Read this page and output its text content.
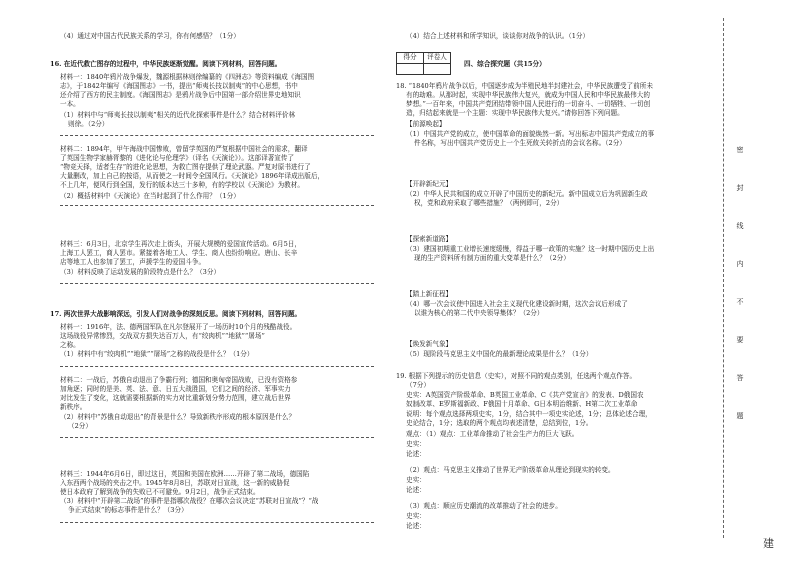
（4）通过对中国古代民族关系的学习，你有何感悟？（1分）
16. 在近代救亡图存的过程中，中华民族逐渐觉醒。阅读下列材料，回答问题。
材料一：1840年鸦片战争爆发，魏源根据林则徐编纂的《四洲志》等资料编成《海国图
志》，于1842年编写《海国图志》一书，提出“师夷长技以制夷”的中心思想，书中
还介绍了西方的民主制度。《海国图志》是鸦片战争后中国第一部介绍世界史地知识
一本。
（1）材料中与“师夷长技以制夷”相关的近代化探索事件是什么？结合材料评价林
则徐。（2分）
材料二：1894年，甲午海战中国惨败，曾留学英国的严复根据中国社会的需求，翻译
了英国生物学家赫胥黎的《进化论与伦理学》（译名《天演论》）。这部译著宣传了
“物竞天择，适者生存”的进化论思想，为救亡图存提供了理论武器。严复对原书进行了
大量删改，加上自己的按语，从而使之一时间令全国风行。《天演论》1896年译成出版后，
不上几年，便风行到全国，发行的版本达三十多种，有的学校以《天演论》为教材。
（2）概括材料中《天演论》在当时起到了什么作用？（1分）
材料三：6月3日，北京学生再次走上街头，开展大规模的爱国宣传活动。6月5日，
上海工人罢工，商人罢市。紧接着各地工人、学生、商人也纷纷响应。唐山、长辛
店等地工人也参加了罢工，声援学生的爱国斗争。
（3）材料反映了运动发展的阶段特点是什么？（3分）
17. 两次世界大战影响深远，引发人们对战争的深刻反思。阅读下列材料，回答问题。
材料一：1916年，法、德两国军队在凡尔登展开了一场历时10个月的残酷战役。
这场战役异常惨烈，交战双方损失达百万人，有“绞肉机”“地狱”“屠场”
之称。
（1）材料中有“绞肉机”“地狱”“屠场”之称的战役是什么？（1分）
材料二：一战后，苏俄自动退出了争霸行列；德国和奥匈帝国战败，已没有资格参
加角逐；同时的是美、英、法、意、日五大战胜国，它们之间的经济、军事实力
对比发生了变化，这就需要根据新的实力对比重新划分势力范围，建立战后世界
新秩序。
（2）材料中“苏俄自动退出”的背景是什么？导致新秩序形成的根本原因是什么？
（2分）
材料三：1944年6月6日，即过这日，英国和美国在欧洲……开辟了第二战场，德国陷
入东西两个战场的夹击之中。1945年8月8日，苏联对日宣战，这一新的威胁促
使日本政府了解到战争的失败已不可避免。9月2日，战争正式结束。
（3）材料中“开辟第二战场”的事件是指哪次战役？在哪次会议决定“苏联对日宣战”？“战
争正式结束”的标志事件是什么？（3分）
（4）结合上述材料和所学知识，谈谈你对战争的认识。（1分）
得分	评卷人

四、综合探究题（共15分）
18. “1840年鸦片战争以后，中国逐步成为半殖民地半封建社会，中华民族遭受了前所未
有的劫难。从那时起，实现中华民族伟大复兴，就成为中国人民和中华民族最伟大的
梦想。”一百年来，中国共产党团结带领中国人民进行的一切奋斗、一切牺牲、一切创
造，归结起来就是一个主题：实现中华民族伟大复兴。”请你回答下列问题。
【前源唤起】
（1）中国共产党的成立，使中国革命的面貌焕然一新。写出标志中国共产党成立的事
件名称，写出中国共产党历史上一个生死攸关转折点的会议名称。（2分）
【开辟新纪元】
（2）中华人民共和国的成立开辟了中国历史的新纪元。新中国成立后为巩固新生政
权，党和政府采取了哪些措施？（两例即可，2分）
【探索新道路】
（3）建国初期重工业增长速度缓慢，得益于哪一政策的实施？这一时期中国历史上出
现的生产资料所有制方面的重大变革是什么？（2分）
【踏上新征程】
（4）哪一次会议使中国进入社会主义现代化建设新时期，这次会议后形成了
以谁为核心的第二代中央领导集体？（2分）
【焕发新气象】
（5）现阶段马克思主义中国化的最新理论成果是什么？（1分）
19. 根据下列提示的历史信息（史实），对照不同的观点类别，任选两个观点作答。
（7分）
史实：A英国资产阶级革命、B英国工业革命、C《共产党宣言》的发表、D俄国农
奴制改革、E罗斯福新政、F俄国十月革命、G日本明治维新、H第二次工业革命
说明：每个观点选择两项史实，1分，结合其中一项史实论述，1分；总体论述合理，
史论结合，1分；选取的两个观点均表述清楚，总结到位，1分。
观点：（1）观点：工业革命推动了社会生产力的巨大飞跃。
史实：
论述：
（2）观点：马克思主义推动了世界无产阶级革命从理论到现实的转变。
史实：
论述：
（3）观点：顺应历史潮流的改革推动了社会的进步。
史实：
论述：
密
封
线
内
不
要
答
题
建
